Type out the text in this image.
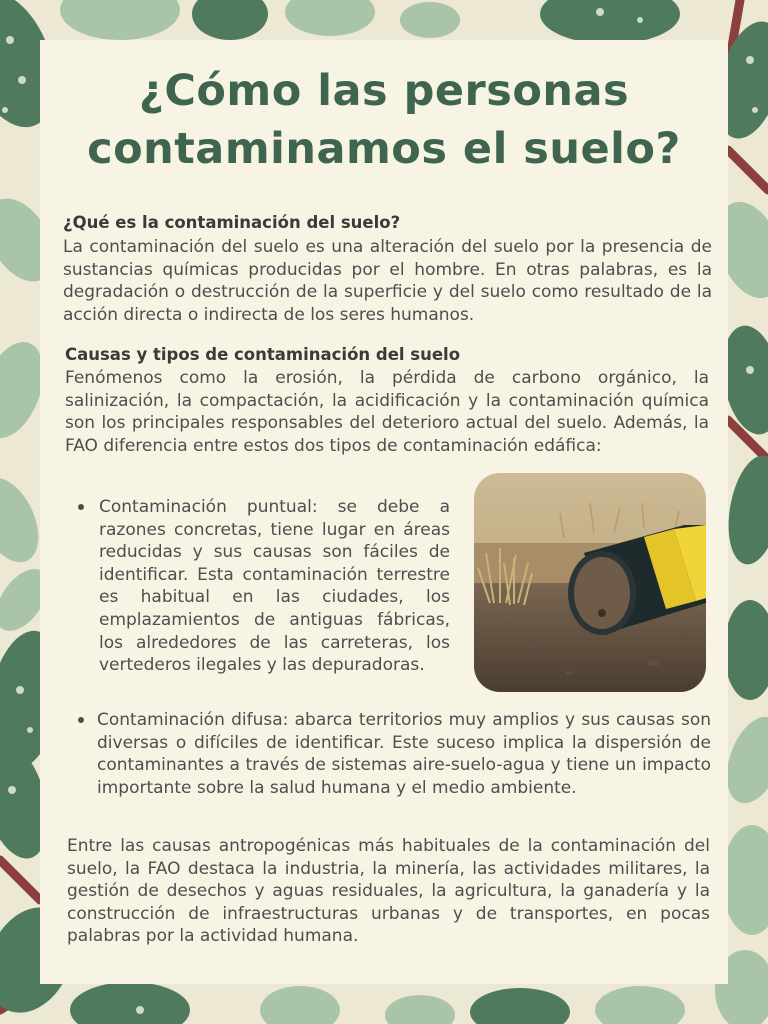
¿Cómo las personas
contaminamos el suelo?
¿Qué es la contaminación del suelo?

La contaminación del suelo es una alteración del suelo por la presencia de sustancias químicas producidas por el hombre. En otras palabras, es la degradación o destrucción de la superficie y del suelo como resultado de la acción directa o indirecta de los seres humanos.

Causas y tipos de contaminación del suelo

Fenómenos como la erosión, la pérdida de carbono orgánico, la salinización, la compactación, la acidificación y la contaminación química son los principales responsables del deterioro actual del suelo. Además, la FAO diferencia entre estos dos tipos de contaminación edáfica:

Contaminación puntual: se debe a razones concretas, tiene lugar en áreas reducidas y sus causas son fáciles de identificar. Esta contaminación terrestre es habitual en las ciudades, los emplazamientos de antiguas fábricas, los alrededores de las carreteras, los vertederos ilegales y las depuradoras.

Contaminación difusa: abarca territorios muy amplios y sus causas son diversas o difíciles de identificar. Este suceso implica la dispersión de contaminantes a través de sistemas aire-suelo-agua y tiene un impacto importante sobre la salud humana y el medio ambiente.

Entre las causas antropogénicas más habituales de la contaminación del suelo, la FAO destaca la industria, la minería, las actividades militares, la gestión de desechos y aguas residuales, la agricultura, la ganadería y la construcción de infraestructuras urbanas y de transportes, en pocas palabras por la actividad humana.
